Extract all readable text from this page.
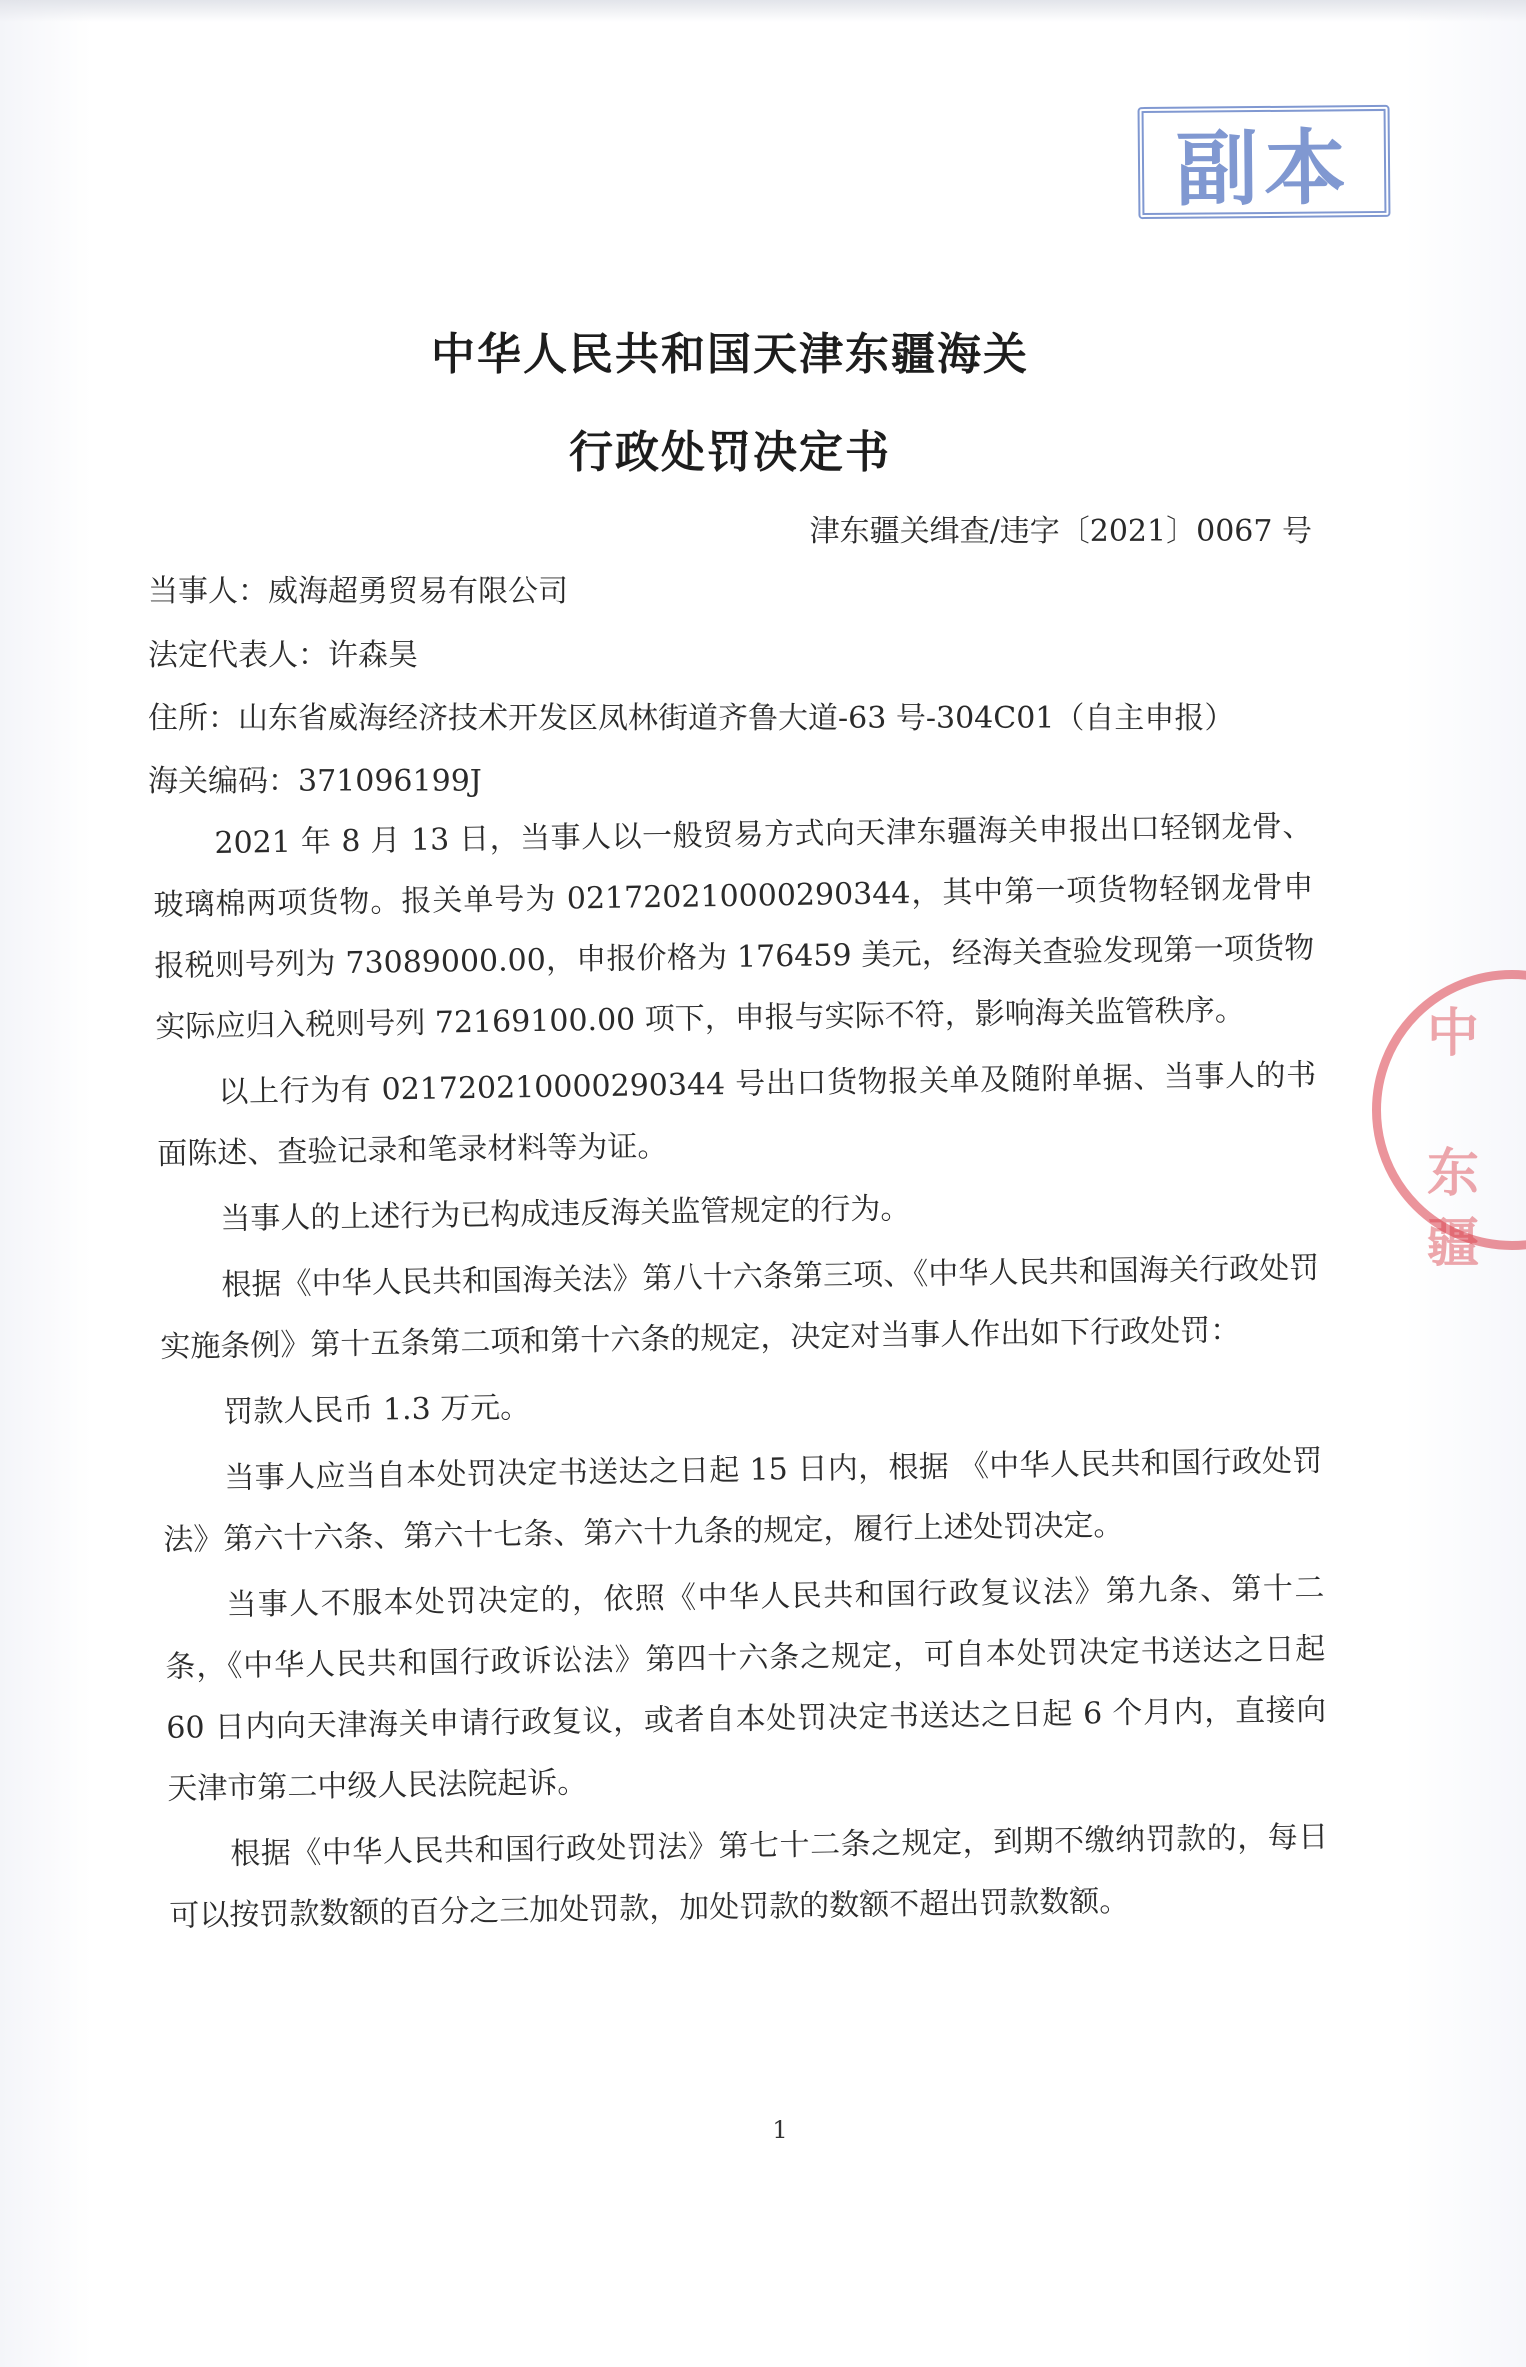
副本
中

东疆
中华人民共和国天津东疆海关
行政处罚决定书
津东疆关缉查/违字〔2021〕0067 号
当事人：威海超勇贸易有限公司
法定代表人：许森昊
住所：山东省威海经济技术开发区凤林街道齐鲁大道-63 号-304C01（自主申报）
海关编码：371096199J

2021 年 8 月 13 日，当事人以一般贸易方式向天津东疆海关申报出口轻钢龙骨、玻璃棉两项货物。报关单号为 021720210000290344，其中第一项货物轻钢龙骨申报税则号列为 73089000.00，申报价格为 176459 美元，经海关查验发现第一项货物实际应归入税则号列 72169100.00 项下，申报与实际不符，影响海关监管秩序。

以上行为有 021720210000290344 号出口货物报关单及随附单据、当事人的书面陈述、查验记录和笔录材料等为证。

当事人的上述行为已构成违反海关监管规定的行为。

根据《中华人民共和国海关法》第八十六条第三项、《中华人民共和国海关行政处罚实施条例》第十五条第二项和第十六条的规定，决定对当事人作出如下行政处罚：

罚款人民币 1.3 万元。

当事人应当自本处罚决定书送达之日起 15 日内，根据 《中华人民共和国行政处罚法》第六十六条、第六十七条、第六十九条的规定，履行上述处罚决定。

当事人不服本处罚决定的，依照《中华人民共和国行政复议法》第九条、第十二条，《中华人民共和国行政诉讼法》第四十六条之规定，可自本处罚决定书送达之日起 60 日内向天津海关申请行政复议，或者自本处罚决定书送达之日起 6 个月内，直接向天津市第二中级人民法院起诉。

根据《中华人民共和国行政处罚法》第七十二条之规定，到期不缴纳罚款的，每日可以按罚款数额的百分之三加处罚款，加处罚款的数额不超出罚款数额。

1
